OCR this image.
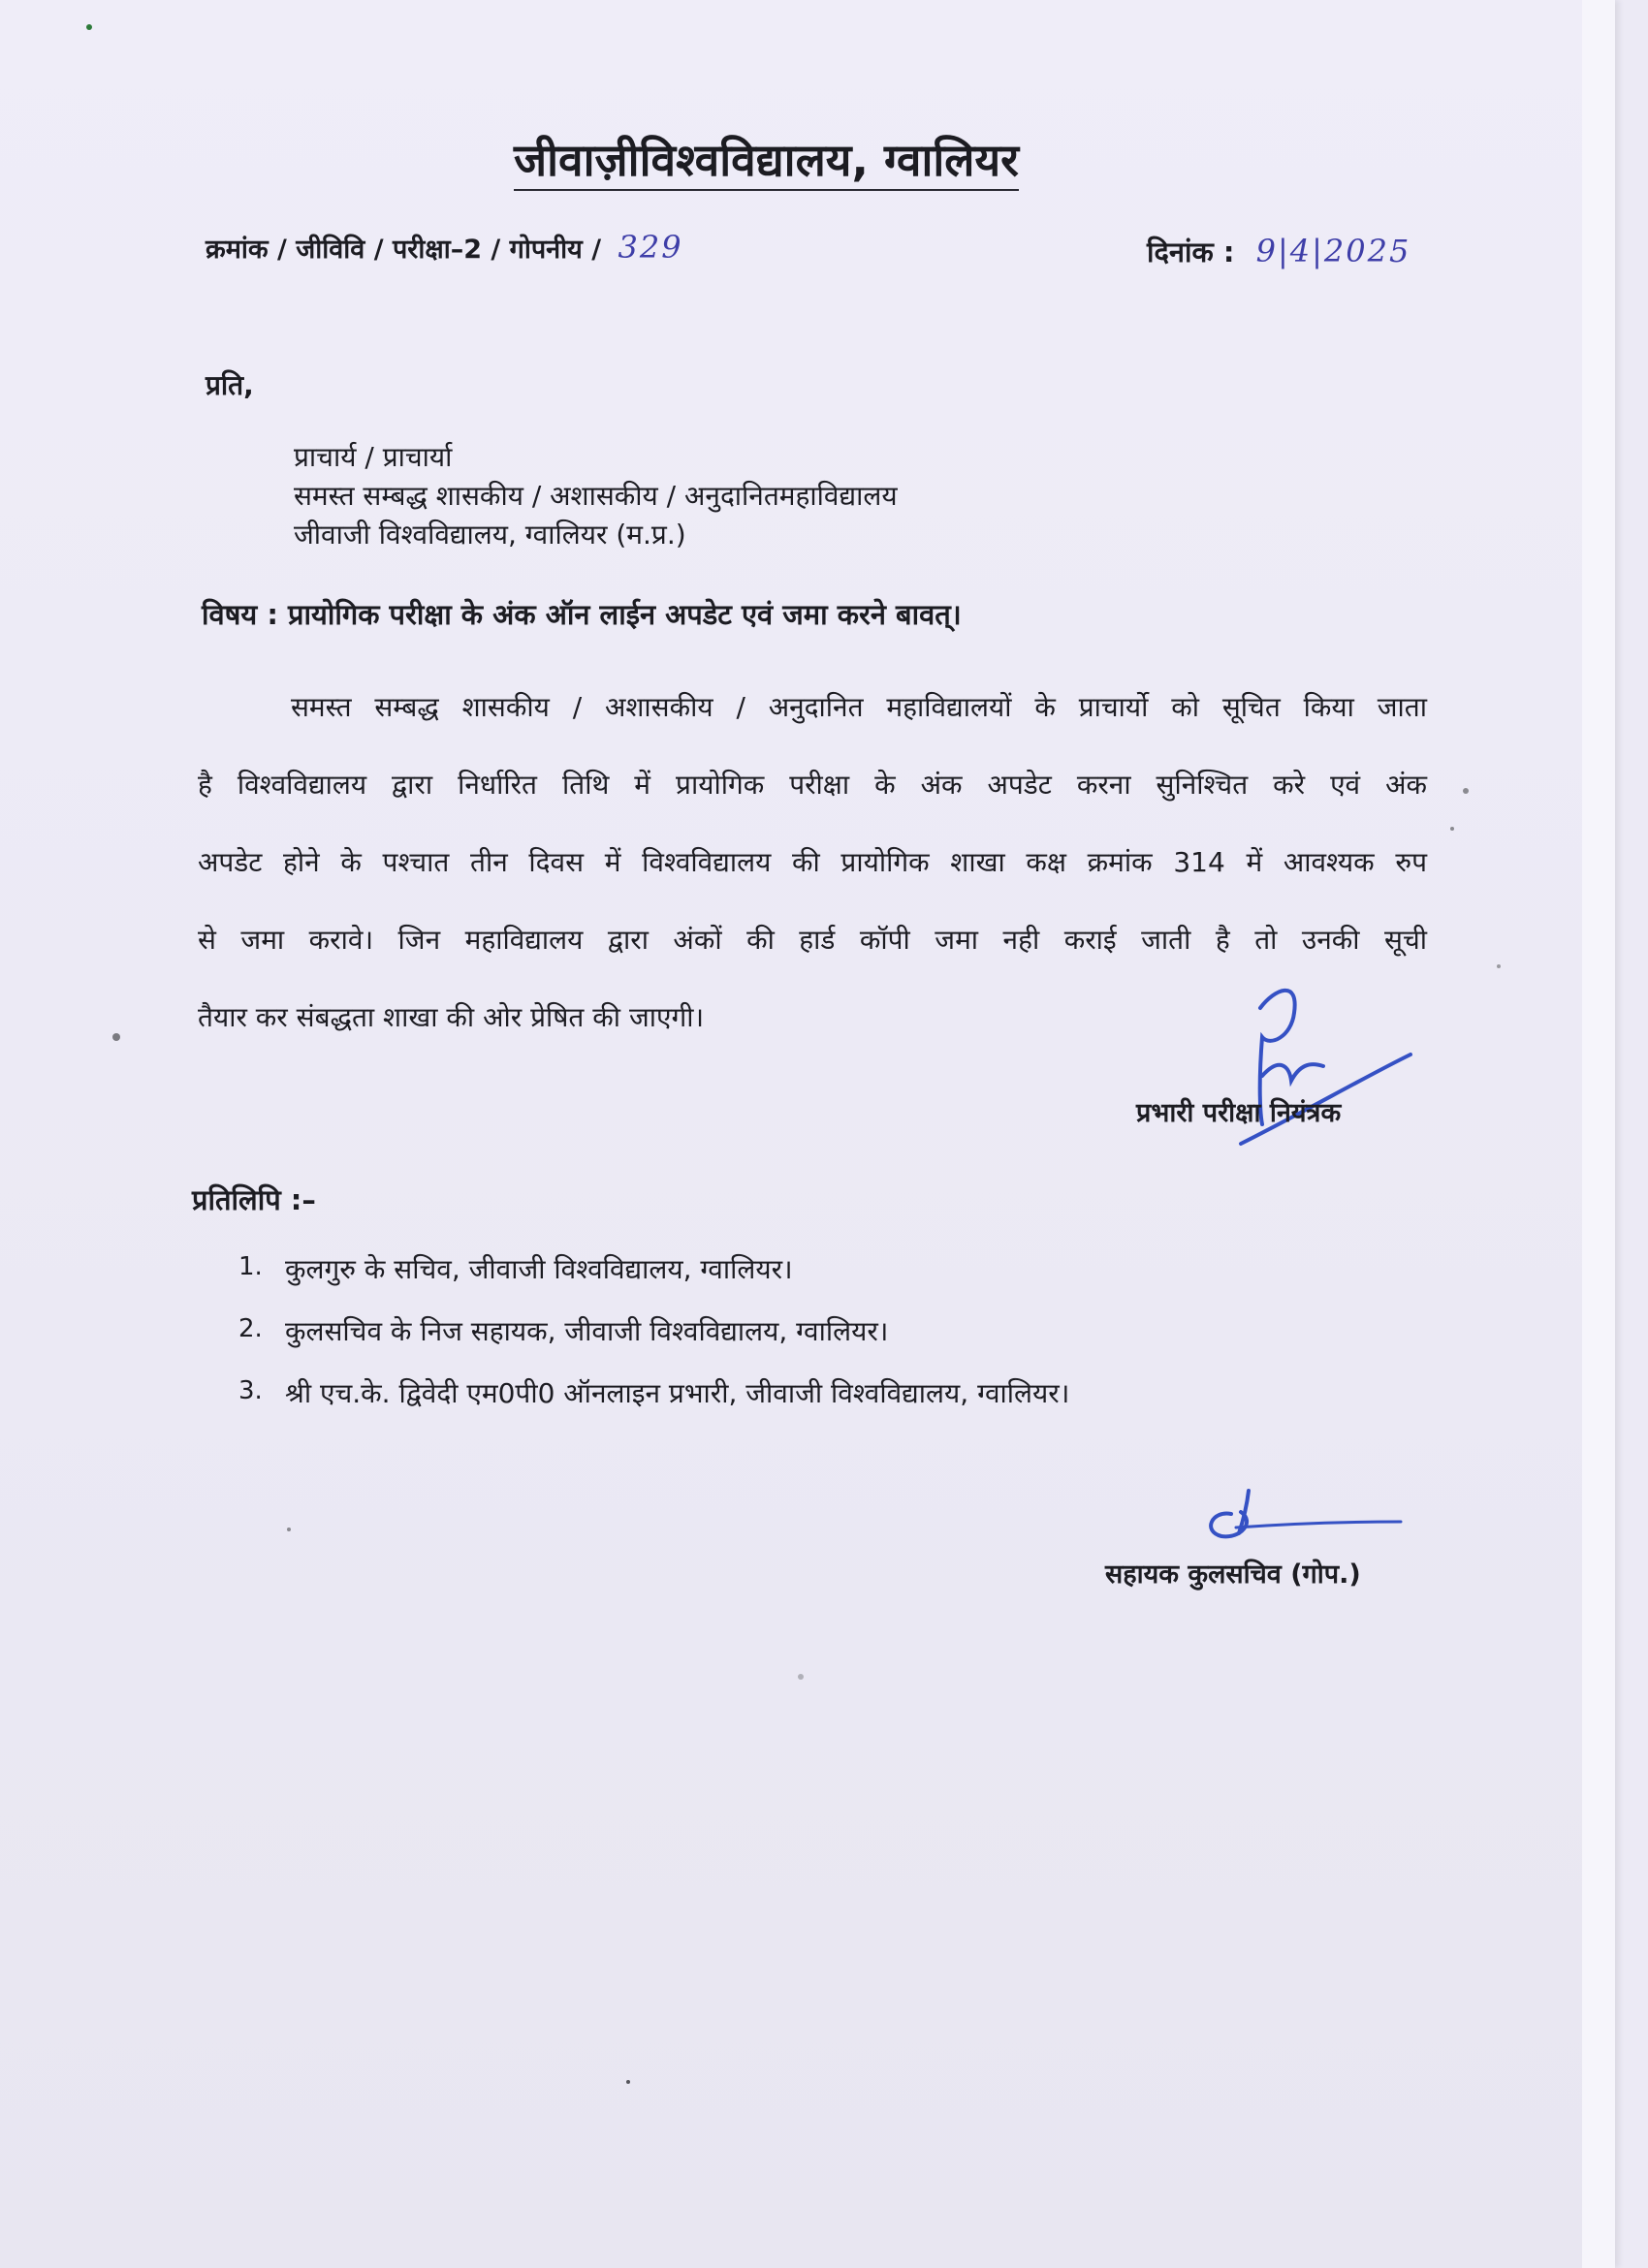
जीवाज़ीविश्वविद्यालय, ग्वालियर
क्रमांक / जीविवि / परीक्षा–2 / गोपनीय / 329	दिनांक : 9|4|2025
प्रति,
प्राचार्य / प्राचार्या
समस्त सम्बद्ध शासकीय / अशासकीय / अनुदानितमहाविद्यालय
जीवाजी विश्वविद्यालय, ग्वालियर (म.प्र.)
विषय : प्रायोगिक परीक्षा के अंक ऑन लाईन अपडेट एवं जमा करने बावत्।
समस्त सम्बद्ध शासकीय / अशासकीय / अनुदानित महाविद्यालयों के प्राचार्यो को सूचित किया जाता
है विश्वविद्यालय द्वारा निर्धारित तिथि में प्रायोगिक परीक्षा के अंक अपडेट करना सुनिश्चित करे एवं अंक
अपडेट होने के पश्चात तीन दिवस में विश्वविद्यालय की प्रायोगिक शाखा कक्ष क्रमांक 314 में आवश्यक रुप
से जमा करावे। जिन महाविद्यालय द्वारा अंकों की हार्ड कॉपी जमा नही कराई जाती है तो उनकी सूची
तैयार कर संबद्धता शाखा की ओर प्रेषित की जाएगी।
प्रभारी परीक्षा नियंत्रक
प्रतिलिपि :–
1. कुलगुरु के सचिव, जीवाजी विश्वविद्यालय, ग्वालियर।
2. कुलसचिव के निज सहायक, जीवाजी विश्वविद्यालय, ग्वालियर।
3. श्री एच.के. द्विवेदी एम0पी0 ऑनलाइन प्रभारी, जीवाजी विश्वविद्यालय, ग्वालियर।
सहायक कुलसचिव (गोप.)
